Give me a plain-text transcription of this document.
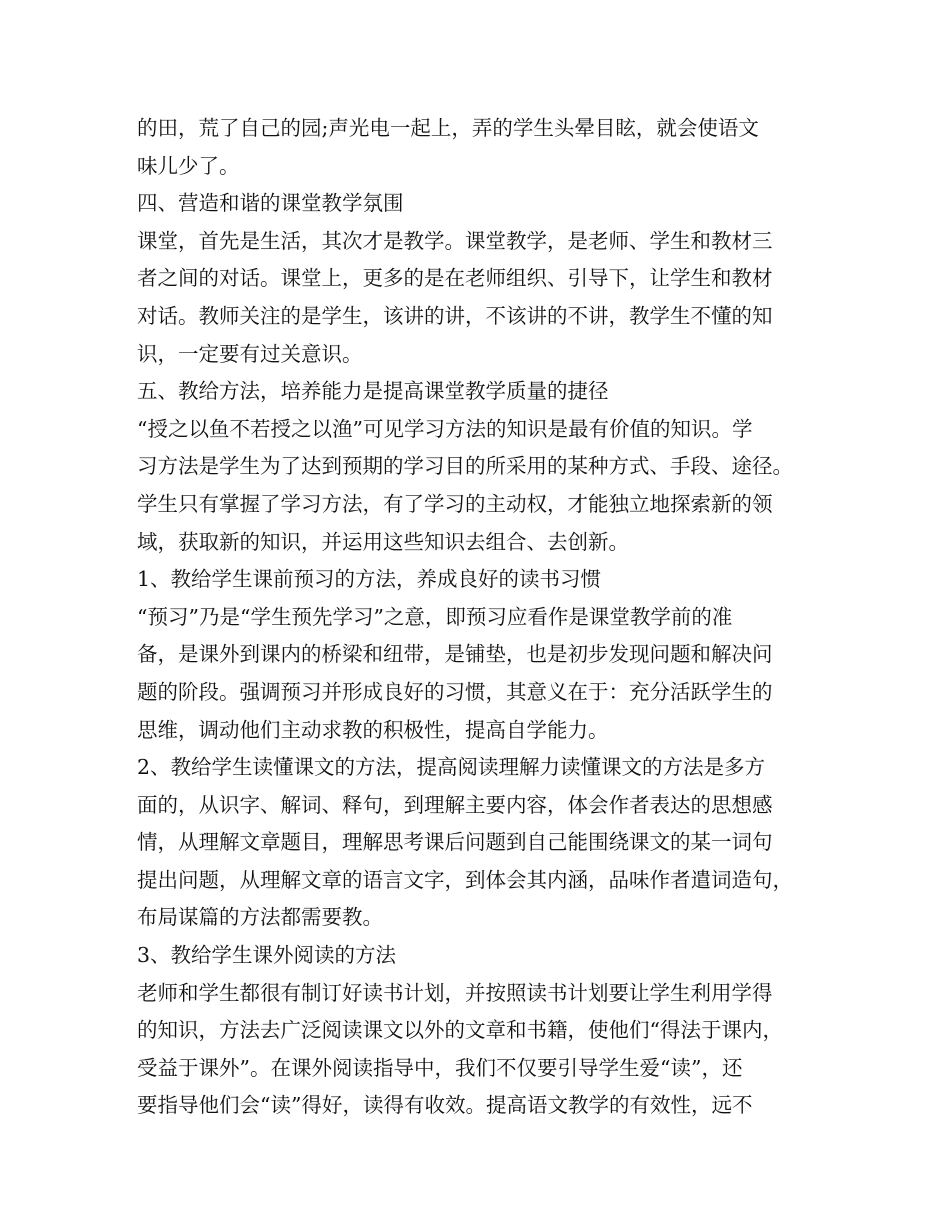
的田，荒了自己的园;声光电一起上，弄的学生头晕目眩，就会使语文
味儿少了。
四、营造和谐的课堂教学氛围
课堂，首先是生活，其次才是教学。课堂教学，是老师、学生和教材三
者之间的对话。课堂上，更多的是在老师组织、引导下，让学生和教材
对话。教师关注的是学生，该讲的讲，不该讲的不讲，教学生不懂的知
识，一定要有过关意识。
五、教给方法，培养能力是提高课堂教学质量的捷径
“授之以鱼不若授之以渔”可见学习方法的知识是最有价值的知识。学
习方法是学生为了达到预期的学习目的所采用的某种方式、手段、途径。
学生只有掌握了学习方法，有了学习的主动权，才能独立地探索新的领
域，获取新的知识，并运用这些知识去组合、去创新。
1、教给学生课前预习的方法，养成良好的读书习惯
“预习”乃是“学生预先学习”之意，即预习应看作是课堂教学前的准
备，是课外到课内的桥梁和纽带，是铺垫，也是初步发现问题和解决问
题的阶段。强调预习并形成良好的习惯，其意义在于：充分活跃学生的
思维，调动他们主动求教的积极性，提高自学能力。
2、教给学生读懂课文的方法，提高阅读理解力读懂课文的方法是多方
面的，从识字、解词、释句，到理解主要内容，体会作者表达的思想感
情，从理解文章题目，理解思考课后问题到自己能围绕课文的某一词句
提出问题，从理解文章的语言文字，到体会其内涵，品味作者遣词造句，
布局谋篇的方法都需要教。
3、教给学生课外阅读的方法
老师和学生都很有制订好读书计划，并按照读书计划要让学生利用学得
的知识，方法去广泛阅读课文以外的文章和书籍，使他们“得法于课内，
受益于课外”。在课外阅读指导中，我们不仅要引导学生爱“读”，还
要指导他们会“读”得好，读得有收效。提高语文教学的有效性，远不
